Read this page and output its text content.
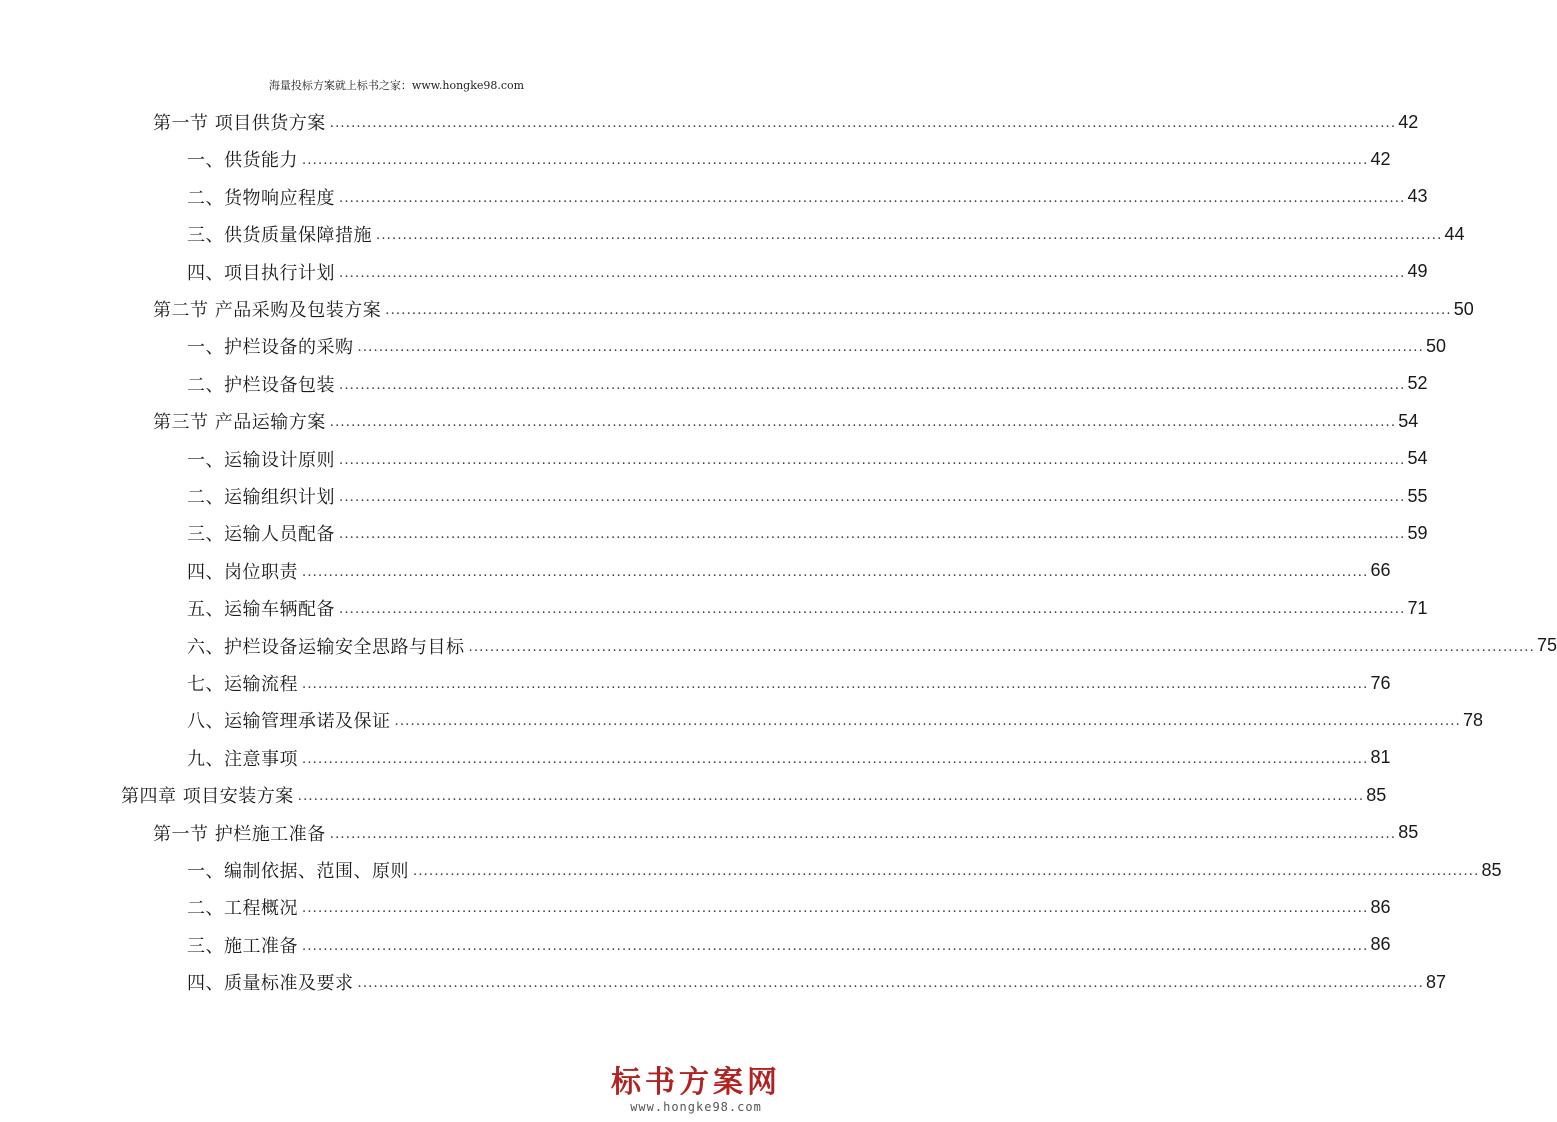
海量投标方案就上标书之家：www.hongke98.com
第一节 项目供货方案 ........................................................................................................................................................................................................ 42
一、供货能力 ........................................................................................................................................................................................................ 42
二、货物响应程度 ........................................................................................................................................................................................................ 43
三、供货质量保障措施 ........................................................................................................................................................................................................ 44
四、项目执行计划 ........................................................................................................................................................................................................ 49
第二节 产品采购及包装方案 ........................................................................................................................................................................................................ 50
一、护栏设备的采购 ........................................................................................................................................................................................................ 50
二、护栏设备包装 ........................................................................................................................................................................................................ 52
第三节 产品运输方案 ........................................................................................................................................................................................................ 54
一、运输设计原则 ........................................................................................................................................................................................................ 54
二、运输组织计划 ........................................................................................................................................................................................................ 55
三、运输人员配备 ........................................................................................................................................................................................................ 59
四、岗位职责 ........................................................................................................................................................................................................ 66
五、运输车辆配备 ........................................................................................................................................................................................................ 71
六、护栏设备运输安全思路与目标 ........................................................................................................................................................................................................ 75
七、运输流程 ........................................................................................................................................................................................................ 76
八、运输管理承诺及保证 ........................................................................................................................................................................................................ 78
九、注意事项 ........................................................................................................................................................................................................ 81
第四章 项目安装方案 ........................................................................................................................................................................................................ 85
第一节 护栏施工准备 ........................................................................................................................................................................................................ 85
一、编制依据、范围、原则 ........................................................................................................................................................................................................ 85
二、工程概况 ........................................................................................................................................................................................................ 86
三、施工准备 ........................................................................................................................................................................................................ 86
四、质量标准及要求 ........................................................................................................................................................................................................ 87
标书方案网
www.hongke98.com
